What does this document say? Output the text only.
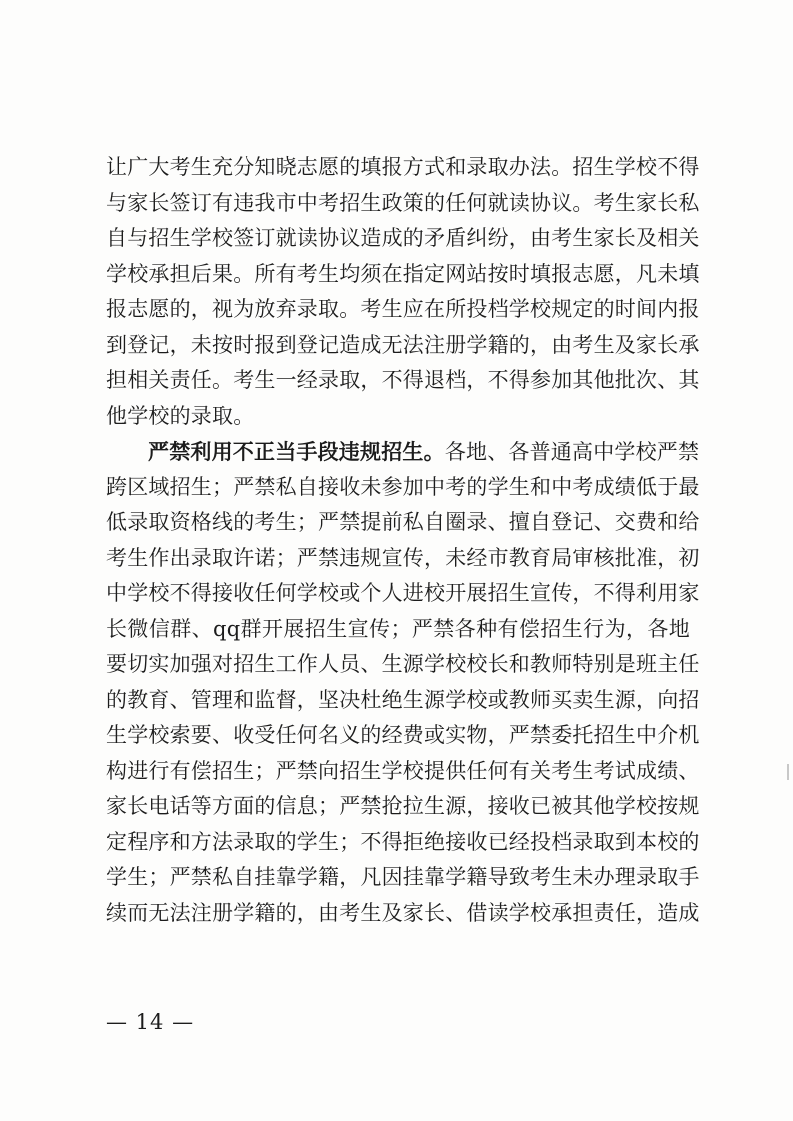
让广大考生充分知晓志愿的填报方式和录取办法。招生学校不得
与家长签订有违我市中考招生政策的任何就读协议。考生家长私
自与招生学校签订就读协议造成的矛盾纠纷，由考生家长及相关
学校承担后果。所有考生均须在指定网站按时填报志愿，凡未填
报志愿的，视为放弃录取。考生应在所投档学校规定的时间内报
到登记，未按时报到登记造成无法注册学籍的，由考生及家长承
担相关责任。考生一经录取，不得退档，不得参加其他批次、其
他学校的录取。
严禁利用不正当手段违规招生。各地、各普通高中学校严禁
跨区域招生；严禁私自接收未参加中考的学生和中考成绩低于最
低录取资格线的考生；严禁提前私自圈录、擅自登记、交费和给
考生作出录取许诺；严禁违规宣传，未经市教育局审核批准，初
中学校不得接收任何学校或个人进校开展招生宣传，不得利用家
长微信群、qq群开展招生宣传；严禁各种有偿招生行为，各地
要切实加强对招生工作人员、生源学校校长和教师特别是班主任
的教育、管理和监督，坚决杜绝生源学校或教师买卖生源，向招
生学校索要、收受任何名义的经费或实物，严禁委托招生中介机
构进行有偿招生；严禁向招生学校提供任何有关考生考试成绩、
家长电话等方面的信息；严禁抢拉生源，接收已被其他学校按规
定程序和方法录取的学生；不得拒绝接收已经投档录取到本校的
学生；严禁私自挂靠学籍，凡因挂靠学籍导致考生未办理录取手
续而无法注册学籍的，由考生及家长、借读学校承担责任，造成
— 14 —
